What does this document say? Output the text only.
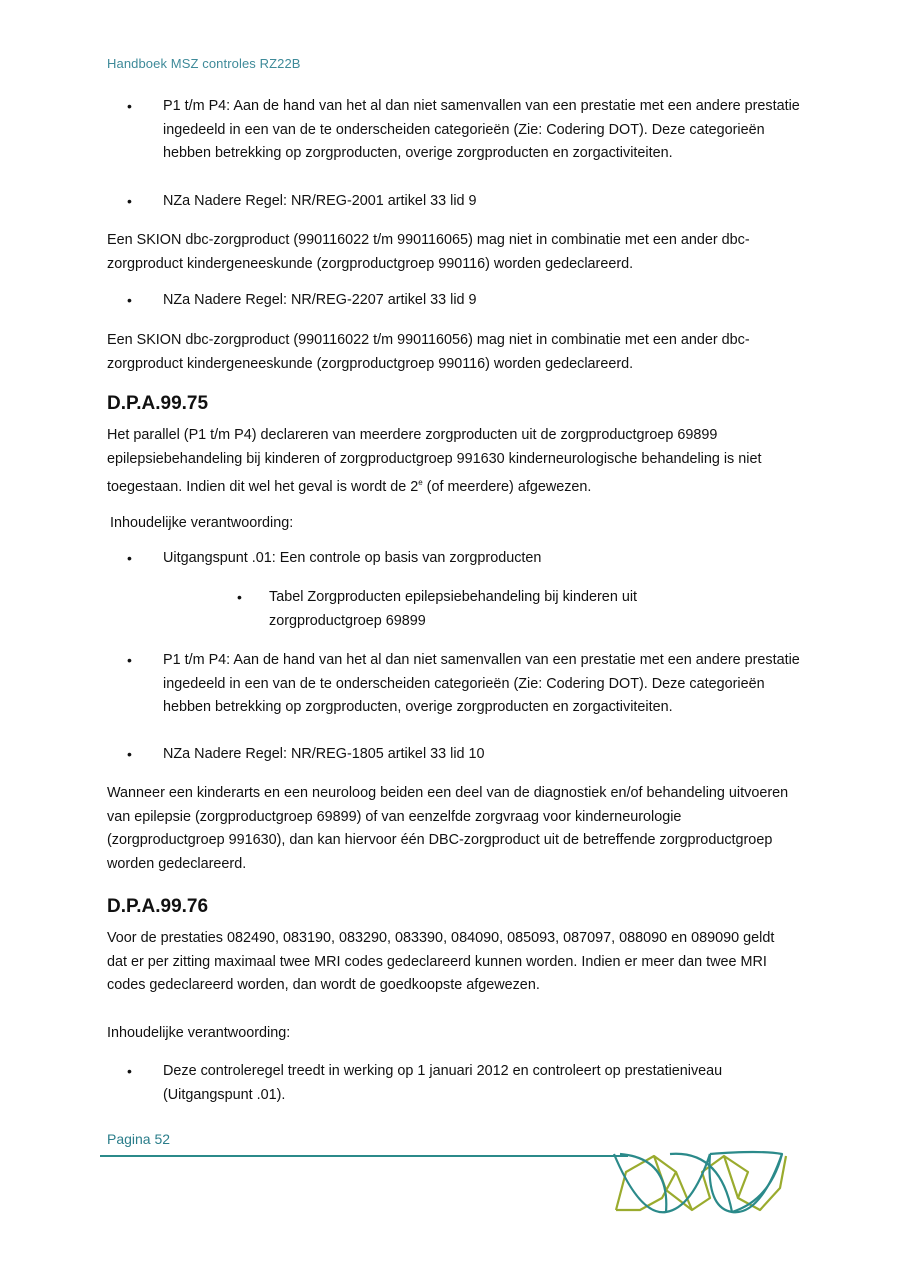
Handboek MSZ controles RZ22B
• P1 t/m P4: Aan de hand van het al dan niet samenvallen van een prestatie met een andere prestatie ingedeeld in een van de te onderscheiden categorieën (Zie: Codering DOT). Deze categorieën hebben betrekking op zorgproducten, overige zorgproducten en zorgactiviteiten.
• NZa Nadere Regel: NR/REG-2001 artikel 33 lid 9
Een SKION dbc-zorgproduct (990116022 t/m 990116065) mag niet in combinatie met een ander dbc-zorgproduct kindergeneeskunde (zorgproductgroep 990116) worden gedeclareerd.
• NZa Nadere Regel: NR/REG-2207 artikel 33 lid 9
Een SKION dbc-zorgproduct (990116022 t/m 990116056) mag niet in combinatie met een ander dbc-zorgproduct kindergeneeskunde (zorgproductgroep 990116) worden gedeclareerd.
D.P.A.99.75
Het parallel (P1 t/m P4) declareren van meerdere zorgproducten uit de zorgproductgroep 69899 epilepsiebehandeling bij kinderen of zorgproductgroep 991630 kinderneurologische behandeling is niet toegestaan. Indien dit wel het geval is wordt de 2e (of meerdere) afgewezen.
Inhoudelijke verantwoording:
• Uitgangspunt .01: Een controle op basis van zorgproducten
• Tabel Zorgproducten epilepsiebehandeling bij kinderen uit zorgproductgroep 69899
• P1 t/m P4: Aan de hand van het al dan niet samenvallen van een prestatie met een andere prestatie ingedeeld in een van de te onderscheiden categorieën (Zie: Codering DOT). Deze categorieën hebben betrekking op zorgproducten, overige zorgproducten en zorgactiviteiten.
• NZa Nadere Regel: NR/REG-1805 artikel 33 lid 10
Wanneer een kinderarts en een neuroloog beiden een deel van de diagnostiek en/of behandeling uitvoeren van epilepsie (zorgproductgroep 69899) of van eenzelfde zorgvraag voor kinderneurologie (zorgproductgroep 991630), dan kan hiervoor één DBC-zorgproduct uit de betreffende zorgproductgroep worden gedeclareerd.
D.P.A.99.76
Voor de prestaties 082490, 083190, 083290, 083390, 084090, 085093, 087097, 088090 en 089090 geldt dat er per zitting maximaal twee MRI codes gedeclareerd kunnen worden. Indien er meer dan twee MRI codes gedeclareerd worden, dan wordt de goedkoopste afgewezen.
Inhoudelijke verantwoording:
• Deze controleregel treedt in werking op 1 januari 2012 en controleert op prestatieniveau (Uitgangspunt .01).
Pagina 52
